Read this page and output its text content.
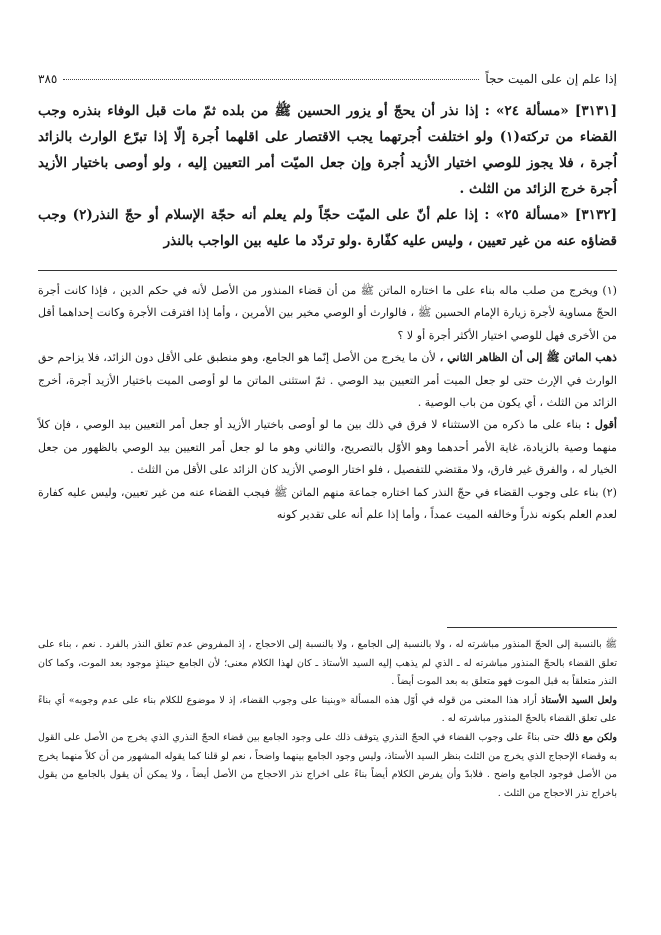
إذا علم إن على الميت حجاً
٣٨٥

[٣١٣١] «مسألة ٢٤» : إذا نذر أن يحجّ أو يزور الحسين ﷺ من بلده ثمّ مات قبل الوفاء بنذره وجب القضاء من تركته(١) ولو اختلفت اُجرتهما يجب الاقتصار على اقلهما اُجرة إلّا إذا تبرّع الوارث بالزائد اُجرة ، فلا يجوز للوصي اختيار الأزيد اُجرة وإن جعل الميّت أمر التعيين إليه ، ولو أوصى باختيار الأزيد اُجرة خرج الزائد من الثلث .

[٣١٣٢] «مسألة ٢٥» : إذا علم أنّ على الميّت حجّاً ولم يعلم أنه حجّة الإسلام أو حجّ النذر(٢) وجب قضاؤه عنه من غير تعيين ، وليس عليه كفّارة .ولو تردّد ما عليه بين الواجب بالنذر

(١) ويخرج من صلب ماله بناء على ما اختاره الماتن ﷺ من أن قضاء المنذور من الأصل لأنه في حكم الدين ، فإذا كانت أجرة الحجّ مساوية لأجرة زيارة الإمام الحسين ﷺ ، فالوارث أو الوصي مخير بين الأمرين ، وأما إذا افترقت الأجرة وكانت إحداهما أقل من الأخرى فهل للوصي اختيار الأكثر أجرة أو لا ؟

ذهب الماتن ﷺ إلى أن الظاهر الثاني ، لأن ما يخرج من الأصل إنّما هو الجامع، وهو منطبق على الأقل دون الزائد، فلا يزاحم حق الوارث في الإرث حتى لو جعل الميت أمر التعيين بيد الوصي . ثمّ استثنى الماتن ما لو أوصى الميت باختيار الأزيد أجرة، أخرج الزائد من الثلث ، أي يكون من باب الوصية .

أقول : بناء على ما ذكره من الاستثناء لا فرق في ذلك بين ما لو أوصى باختيار الأزيد أو جعل أمر التعيين بيد الوصي ، فإن كلاً منهما وصية بالزيادة، غاية الأمر أحدهما وهو الأوّل بالتصريح، والثاني وهو ما لو جعل أمر التعيين بيد الوصي بالظهور من جعل الخيار له ، والفرق غير فارق، ولا مقتضي للتفصيل ، فلو اختار الوصي الأزيد كان الزائد على الأقل من الثلث .

(٢) بناء على وجوب القضاء في حجّ النذر كما اختاره جماعة منهم الماتن ﷺ فيجب القضاء عنه من غير تعيين، وليس عليه كفارة لعدم العلم بكونه نذراً وخالفه الميت عمداً ، وأما إذا علم أنه على تقدير كونه

ﷺ بالنسبة إلى الحجّ المنذور مباشرته له ، ولا بالنسبة إلى الجامع ، ولا بالنسبة إلى الاحجاج ، إذ المفروض عدم تعلق النذر بالفرد . نعم ، بناء على تعلق القضاء بالحجّ المنذور مباشرته له ـ الذي لم يذهب إليه السيد الأستاذ ـ كان لهذا الكلام معنى؛ لأن الجامع حينئذٍ موجود بعد الموت، وكما كان النذر متعلقاً به قبل الموت فهو متعلق به بعد الموت أيضاً .

ولعل السيد الأستاذ أراد هذا المعنى من قوله في أوّل هذه المسألة «وبنينا على وجوب القضاء، إذ لا موضوع للكلام بناء على عدم وجوبه» أي بناءً على تعلق القضاء بالحجّ المنذور مباشرته له .

ولكن مع ذلك حتى بناءً على وجوب القضاء في الحجّ النذري يتوقف ذلك على وجود الجامع بين قضاء الحجّ النذري الذي يخرج من الأصل على القول به وقضاء الإحجاج الذي يخرج من الثلث بنظر السيد الأستاذ، وليس وجود الجامع بينهما واضحاً ، نعم لو قلنا كما يقوله المشهور من أن كلاً منهما يخرج من الأصل فوجود الجامع واضح . فلابدّ وأن يفرض الكلام أيضاً بناءً على اخراج نذر الاحجاج من الأصل أيضاً ، ولا يمكن أن يقول بالجامع من يقول باخراج نذر الاحجاج من الثلث .
